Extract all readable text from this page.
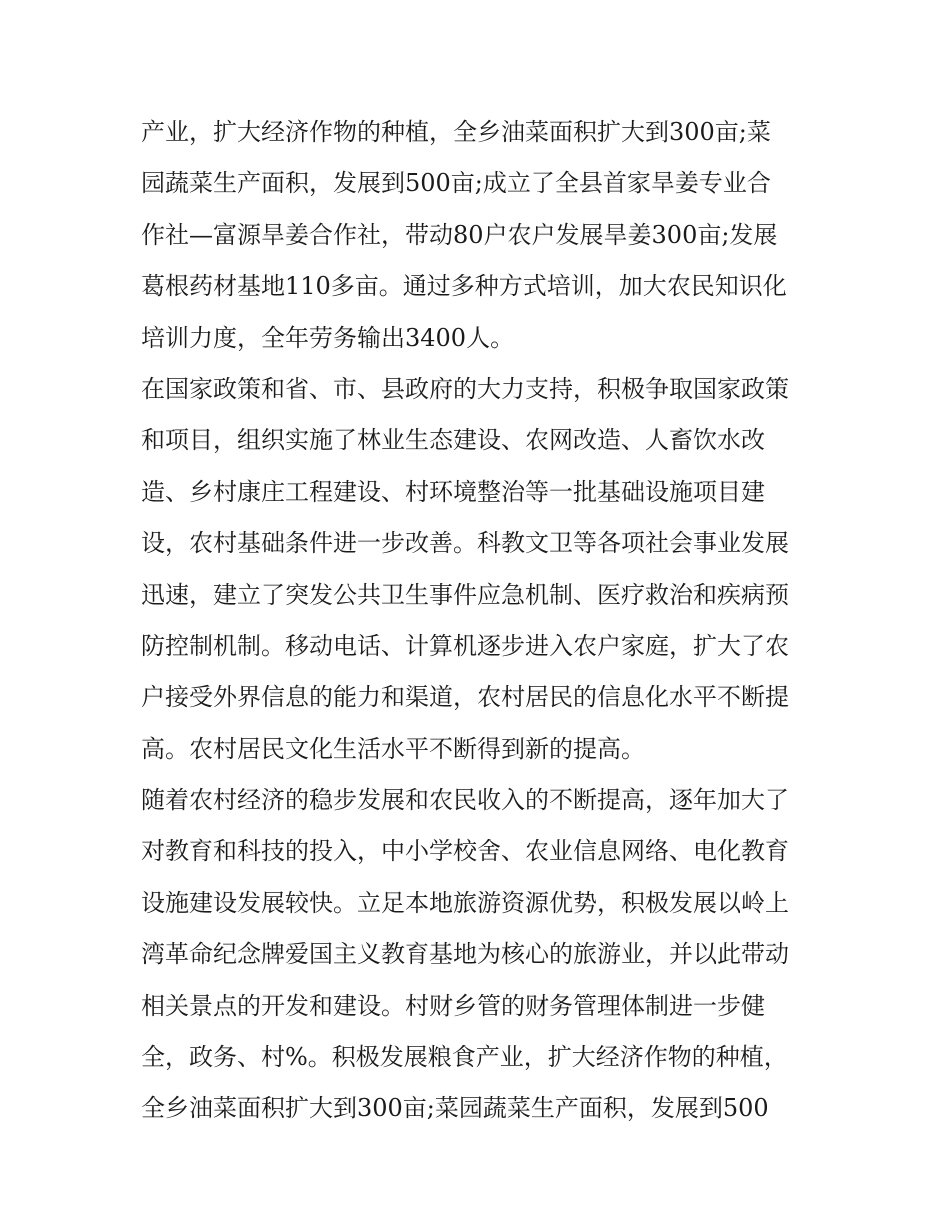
产业，扩大经济作物的种植，全乡油菜面积扩大到300亩;菜
园蔬菜生产面积，发展到500亩;成立了全县首家旱姜专业合
作社—富源旱姜合作社，带动80户农户发展旱姜300亩;发展
葛根药材基地110多亩。通过多种方式培训，加大农民知识化
培训力度，全年劳务输出3400人。
在国家政策和省、市、县政府的大力支持，积极争取国家政策
和项目，组织实施了林业生态建设、农网改造、人畜饮水改
造、乡村康庄工程建设、村环境整治等一批基础设施项目建
设，农村基础条件进一步改善。科教文卫等各项社会事业发展
迅速，建立了突发公共卫生事件应急机制、医疗救治和疾病预
防控制机制。移动电话、计算机逐步进入农户家庭，扩大了农
户接受外界信息的能力和渠道，农村居民的信息化水平不断提
高。农村居民文化生活水平不断得到新的提高。
随着农村经济的稳步发展和农民收入的不断提高，逐年加大了
对教育和科技的投入，中小学校舍、农业信息网络、电化教育
设施建设发展较快。立足本地旅游资源优势，积极发展以岭上
湾革命纪念牌爱国主义教育基地为核心的旅游业，并以此带动
相关景点的开发和建设。村财乡管的财务管理体制进一步健
全，政务、村%。积极发展粮食产业，扩大经济作物的种植，
全乡油菜面积扩大到300亩;菜园蔬菜生产面积，发展到500
